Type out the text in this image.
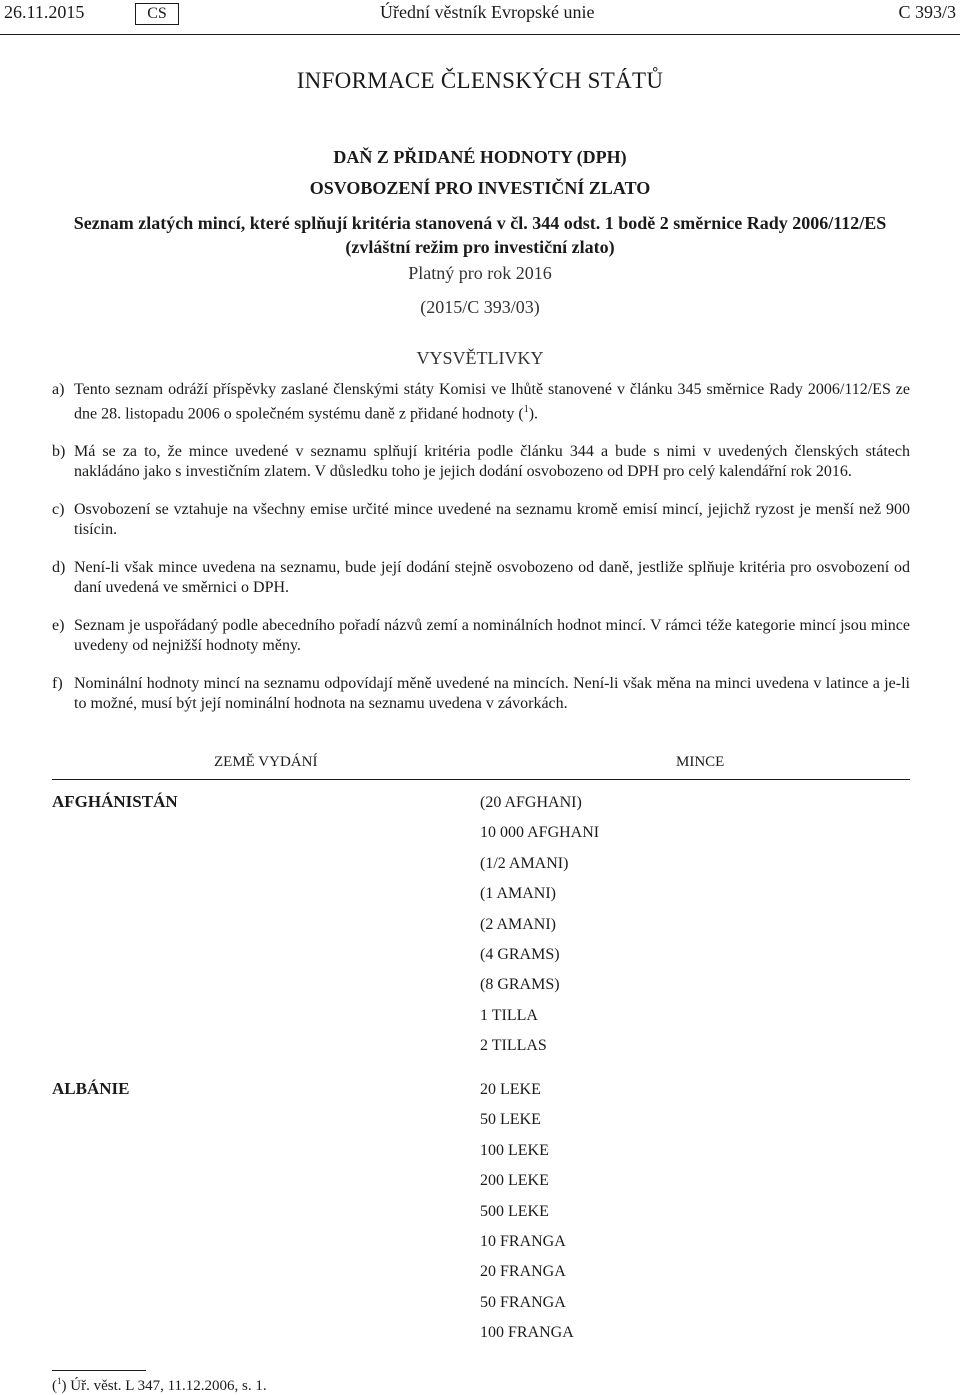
26.11.2015	CS	Úřední věstník Evropské unie	C 393/3
INFORMACE ČLENSKÝCH STÁTŮ
DAŇ Z PŘIDANÉ HODNOTY (DPH)
OSVOBOZENÍ PRO INVESTIČNÍ ZLATO
Seznam zlatých mincí, které splňují kritéria stanovená v čl. 344 odst. 1 bodě 2 směrnice Rady 2006/112/ES (zvláštní režim pro investiční zlato)
Platný pro rok 2016
(2015/C 393/03)
VYSVĚTLIVKY
a) Tento seznam odráží příspěvky zaslané členskými státy Komisi ve lhůtě stanovené v článku 345 směrnice Rady 2006/112/ES ze dne 28. listopadu 2006 o společném systému daně z přidané hodnoty ($^1$).
b) Má se za to, že mince uvedené v seznamu splňují kritéria podle článku 344 a bude s nimi v uvedených členských státech nakládáno jako s investičním zlatem. V důsledku toho je jejich dodání osvobozeno od DPH pro celý kalendářní rok 2016.
c) Osvobození se vztahuje na všechny emise určité mince uvedené na seznamu kromě emisí mincí, jejichž ryzost je menší než 900 tisícin.
d) Není-li však mince uvedena na seznamu, bude její dodání stejně osvobozeno od daně, jestliže splňuje kritéria pro osvobození od daní uvedená ve směrnici o DPH.
e) Seznam je uspořádaný podle abecedního pořadí názvů zemí a nominálních hodnot mincí. V rámci téže kategorie mincí jsou mince uvedeny od nejnižší hodnoty měny.
f) Nominální hodnoty mincí na seznamu odpovídají měně uvedené na mincích. Není-li však měna na minci uvedena v latince a je-li to možné, musí být její nominální hodnota na seznamu uvedena v závorkách.
ZEMĚ VYDÁNÍ	MINCE
AFGHÁNISTÁN	(20 AFGHANI)
10 000 AFGHANI
(1/2 AMANI)
(1 AMANI)
(2 AMANI)
(4 GRAMS)
(8 GRAMS)
1 TILLA
2 TILLAS
ALBÁNIE	20 LEKE
50 LEKE
100 LEKE
200 LEKE
500 LEKE
10 FRANGA
20 FRANGA
50 FRANGA
100 FRANGA
($^1$) Úř. věst. L 347, 11.12.2006, s. 1.
